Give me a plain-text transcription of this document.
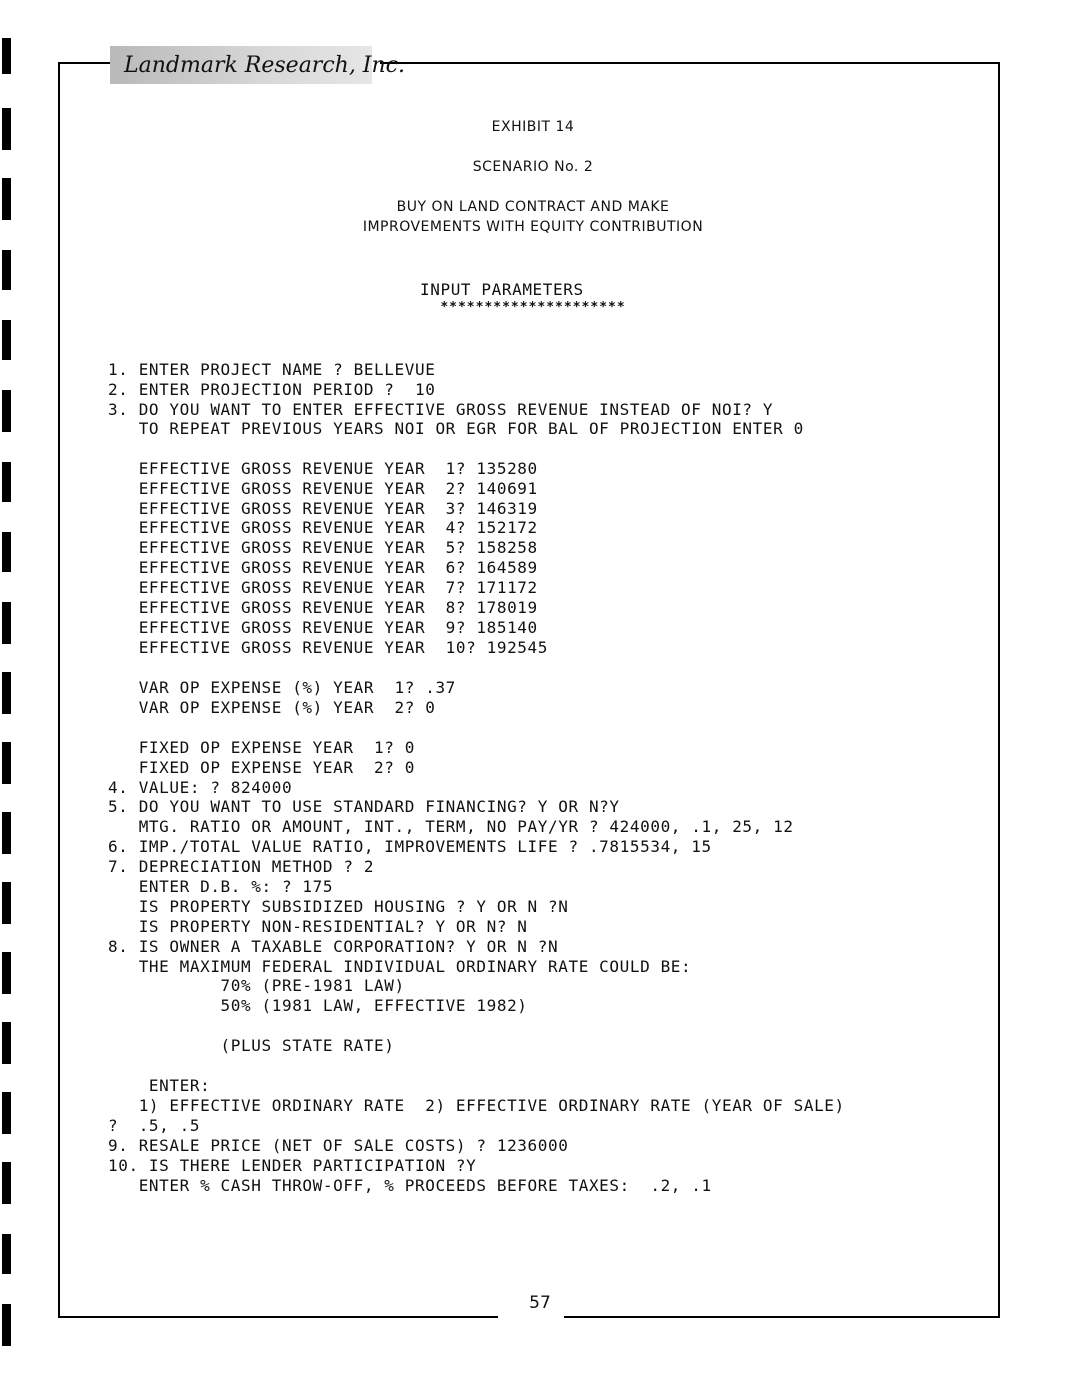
Landmark Research, Inc.
EXHIBIT 14
SCENARIO No. 2
BUY ON LAND CONTRACT AND MAKE
IMPROVEMENTS WITH EQUITY CONTRIBUTION
INPUT PARAMETERS
*********************
1. ENTER PROJECT NAME ? BELLEVUE
2. ENTER PROJECTION PERIOD ?  10
3. DO YOU WANT TO ENTER EFFECTIVE GROSS REVENUE INSTEAD OF NOI? Y
TO REPEAT PREVIOUS YEARS NOI OR EGR FOR BAL OF PROJECTION ENTER 0
EFFECTIVE GROSS REVENUE YEAR  1? 135280
EFFECTIVE GROSS REVENUE YEAR  2? 140691
EFFECTIVE GROSS REVENUE YEAR  3? 146319
EFFECTIVE GROSS REVENUE YEAR  4? 152172
EFFECTIVE GROSS REVENUE YEAR  5? 158258
EFFECTIVE GROSS REVENUE YEAR  6? 164589
EFFECTIVE GROSS REVENUE YEAR  7? 171172
EFFECTIVE GROSS REVENUE YEAR  8? 178019
EFFECTIVE GROSS REVENUE YEAR  9? 185140
EFFECTIVE GROSS REVENUE YEAR  10? 192545
VAR OP EXPENSE (%) YEAR  1? .37
VAR OP EXPENSE (%) YEAR  2? 0
FIXED OP EXPENSE YEAR  1? 0
FIXED OP EXPENSE YEAR  2? 0
4. VALUE: ? 824000
5. DO YOU WANT TO USE STANDARD FINANCING? Y OR N?Y
MTG. RATIO OR AMOUNT, INT., TERM, NO PAY/YR ? 424000, .1, 25, 12
6. IMP./TOTAL VALUE RATIO, IMPROVEMENTS LIFE ? .7815534, 15
7. DEPRECIATION METHOD ? 2
ENTER D.B. %: ? 175
IS PROPERTY SUBSIDIZED HOUSING ? Y OR N ?N
IS PROPERTY NON-RESIDENTIAL? Y OR N? N
8. IS OWNER A TAXABLE CORPORATION? Y OR N ?N
THE MAXIMUM FEDERAL INDIVIDUAL ORDINARY RATE COULD BE:
70% (PRE-1981 LAW)
50% (1981 LAW, EFFECTIVE 1982)
(PLUS STATE RATE)
ENTER:
1) EFFECTIVE ORDINARY RATE  2) EFFECTIVE ORDINARY RATE (YEAR OF SALE)
?  .5, .5
9. RESALE PRICE (NET OF SALE COSTS) ? 1236000
10. IS THERE LENDER PARTICIPATION ?Y
ENTER % CASH THROW-OFF, % PROCEEDS BEFORE TAXES:  .2, .1
57
